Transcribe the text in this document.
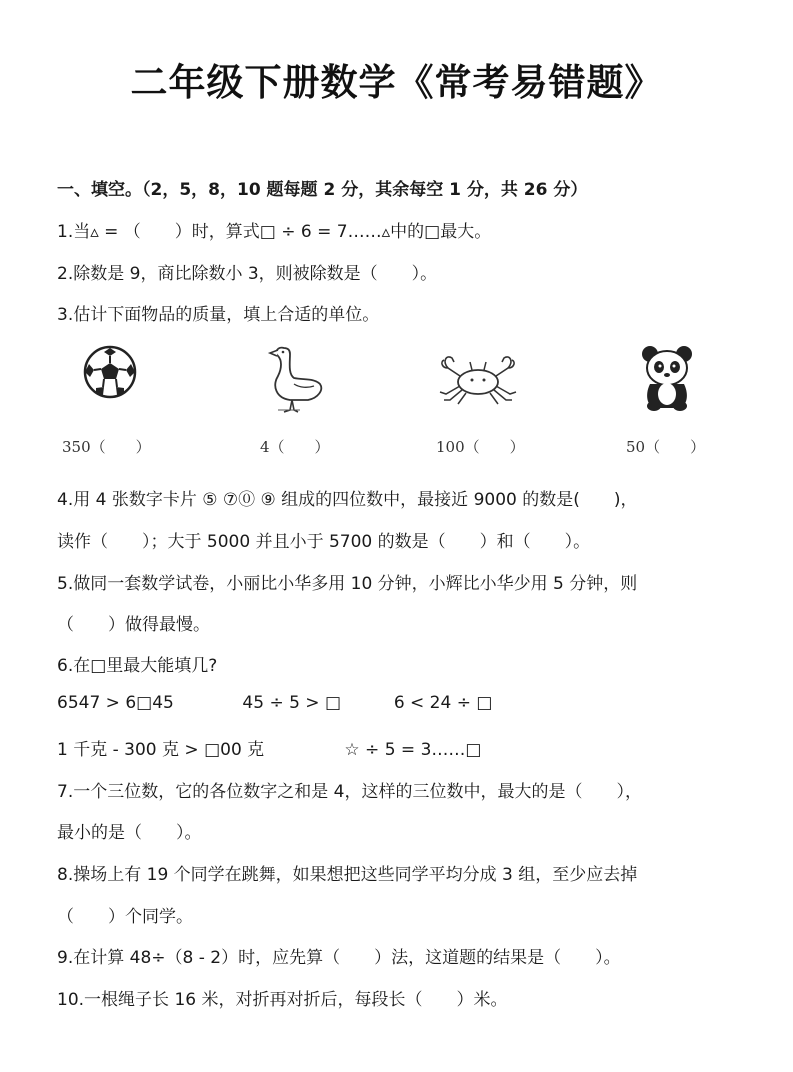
二年级下册数学《常考易错题》
一、填空。（2，5，8，10 题每题 2 分，其余每空 1 分，共 26 分）
1.当▵ = （　　）时，算式□ ÷ 6 = 7……▵中的□最大。
2.除数是 9，商比除数小 3，则被除数是（　　）。
3.估计下面物品的质量，填上合适的单位。
350（　　）	4（　　）	100（　　）	50（　　）
4.用 4 张数字卡片 ⑤ ⑦⓪ ⑨ 组成的四位数中，最接近 9000 的数是(　　)，
读作（　　）；大于 5000 并且小于 5700 的数是（　　）和（　　）。
5.做同一套数学试卷，小丽比小华多用 10 分钟，小辉比小华少用 5 分钟，则
（　　）做得最慢。
6.在□里最大能填几?
6547 > 6□45	45 ÷ 5 > □	6 < 24 ÷ □
1 千克 - 300 克 > □00 克	☆ ÷ 5 = 3……□
7.一个三位数，它的各位数字之和是 4，这样的三位数中，最大的是（　　），
最小的是（　　）。
8.操场上有 19 个同学在跳舞，如果想把这些同学平均分成 3 组，至少应去掉
（　　）个同学。
9.在计算 48÷（8 - 2）时，应先算（　　）法，这道题的结果是（　　）。
10.一根绳子长 16 米，对折再对折后，每段长（　　）米。
